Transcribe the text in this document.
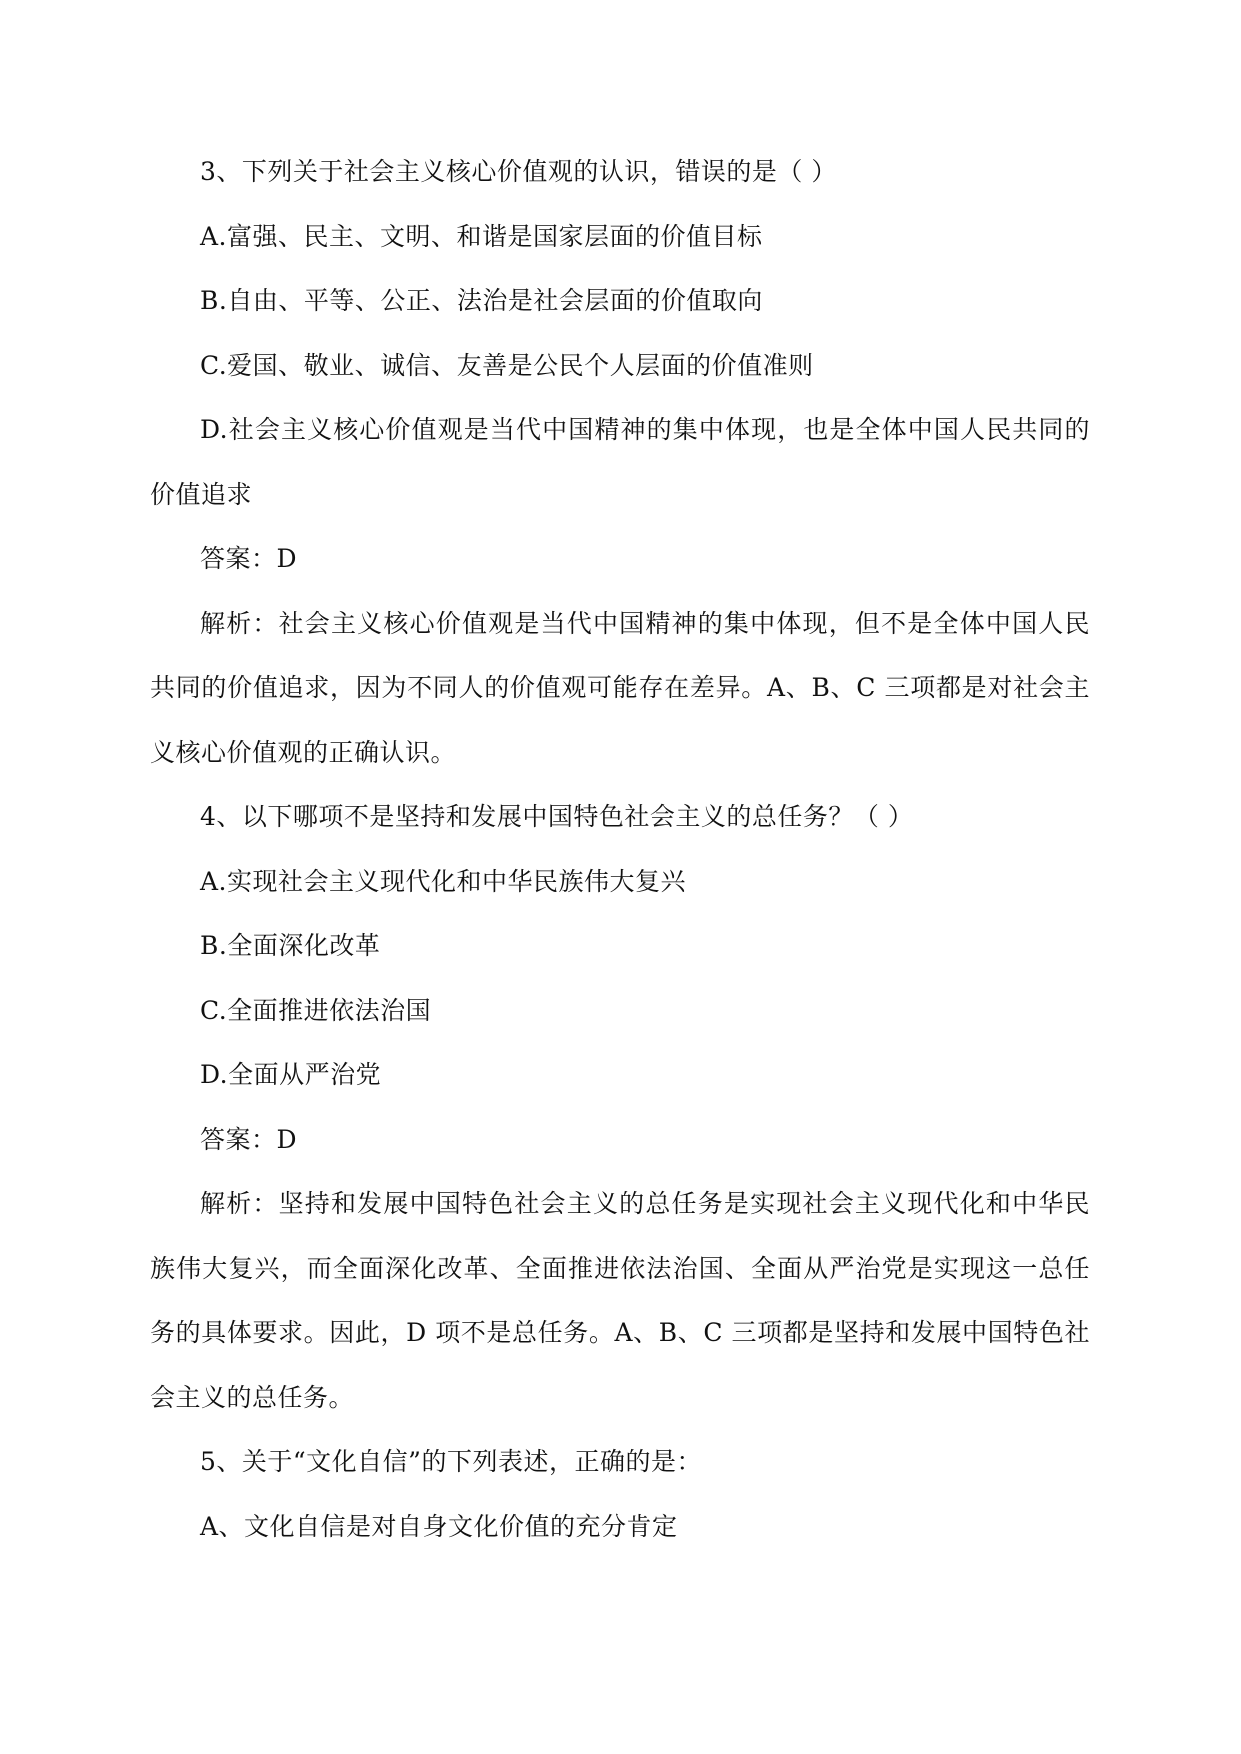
3、下列关于社会主义核心价值观的认识，错误的是（ ）
A.富强、民主、文明、和谐是国家层面的价值目标
B.自由、平等、公正、法治是社会层面的价值取向
C.爱国、敬业、诚信、友善是公民个人层面的价值准则
D.社会主义核心价值观是当代中国精神的集中体现，也是全体中国人民共同的价值追求
答案：D
解析：社会主义核心价值观是当代中国精神的集中体现，但不是全体中国人民共同的价值追求，因为不同人的价值观可能存在差异。A、B、C 三项都是对社会主义核心价值观的正确认识。
4、以下哪项不是坚持和发展中国特色社会主义的总任务？（ ）
A.实现社会主义现代化和中华民族伟大复兴
B.全面深化改革
C.全面推进依法治国
D.全面从严治党
答案：D
解析：坚持和发展中国特色社会主义的总任务是实现社会主义现代化和中华民族伟大复兴，而全面深化改革、全面推进依法治国、全面从严治党是实现这一总任务的具体要求。因此，D 项不是总任务。A、B、C 三项都是坚持和发展中国特色社会主义的总任务。
5、关于“文化自信”的下列表述，正确的是：
A、文化自信是对自身文化价值的充分肯定
